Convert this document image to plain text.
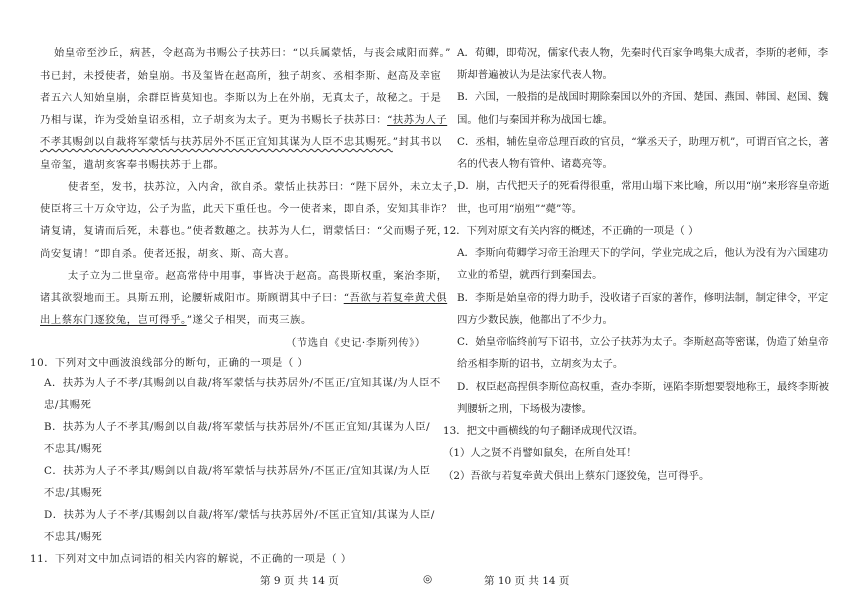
始皇帝至沙丘，病甚，令赵高为书赐公子扶苏曰：“以兵属蒙恬，与丧会咸阳而葬。”
书已封，未授使者，始皇崩。书及玺皆在赵高所，独子胡亥、丞相李斯、赵高及幸宦
者五六人知始皇崩，余群臣皆莫知也。李斯以为上在外崩，无真太子，故秘之。于是
乃相与谋，诈为受始皇诏丞相，立子胡亥为太子。更为书赐长子扶苏曰：“扶苏为人子
不孝其赐剑以自裁将军蒙恬与扶苏居外不匡正宜知其谋为人臣不忠其赐死。”封其书以
皇帝玺，遣胡亥客奉书赐扶苏于上郡。
使者至，发书，扶苏泣，入内舍，欲自杀。蒙恬止扶苏曰：“陛下居外，未立太子，
使臣将三十万众守边，公子为监，此天下重任也。今一使者来，即自杀，安知其非诈？
请复请，复请而后死，未暮也。”使者数趣之。扶苏为人仁，谓蒙恬曰：“父而赐子死，
尚安复请！”即自杀。使者还报，胡亥、斯、高大喜。
太子立为二世皇帝。赵高常侍中用事，事皆决于赵高。高畏斯权重，案治李斯，
诸其欲裂地而王。具斯五刑，论腰斩咸阳市。斯顾谓其中子曰：“吾欲与若复牵黄犬俱
出上蔡东门逐狡兔，岂可得乎。”遂父子相哭，而夷三族。
（节选自《史记·李斯列传》）
10．下列对文中画波浪线部分的断句，正确的一项是（ ）
A．扶苏为人子不孝/其赐剑以自裁/将军蒙恬与扶苏居外/不匡正/宜知其谋/为人臣不
忠/其赐死
B．扶苏为人子不孝其/赐剑以自裁/将军蒙恬与扶苏居外/不匡正宜知/其谋为人臣/
不忠其/赐死
C．扶苏为人子不孝其/赐剑以自裁/将军蒙恬与扶苏居外/不匡正/宜知其谋/为人臣
不忠/其赐死
D．扶苏为人子不孝/其赐剑以自裁/将军/蒙恬与扶苏居外/不匡正宜知/其谋为人臣/
不忠其/赐死
11．下列对文中加点词语的相关内容的解说，不正确的一项是（ ）
A．荀卿，即荀况，儒家代表人物，先秦时代百家争鸣集大成者，李斯的老师，李
斯却普遍被认为是法家代表人物。
B．六国，一般指的是战国时期除秦国以外的齐国、楚国、燕国、韩国、赵国、魏
国。他们与秦国并称为战国七雄。
C．丞相，辅佐皇帝总理百政的官员，“掌丞天子，助理万机”，可谓百官之长，著
名的代表人物有管仲、诸葛亮等。
D．崩，古代把天子的死看得很重，常用山塌下来比喻，所以用“崩”来形容皇帝逝
世，也可用“崩殂”“薨”等。
12．下列对原文有关内容的概述，不正确的一项是（ ）
A．李斯向荀卿学习帝王治理天下的学问，学业完成之后，他认为没有为六国建功
立业的希望，就西行到秦国去。
B．李斯是始皇帝的得力助手，没收诸子百家的著作，修明法制，制定律令，平定
四方少数民族，他都出了不少力。
C．始皇帝临终前写下诏书，立公子扶苏为太子。李斯赵高等密谋，伪造了始皇帝
给丞相李斯的诏书，立胡亥为太子。
D．权臣赵高捏俱李斯位高权重，查办李斯，诬陷李斯想要裂地称王，最终李斯被
判腰斩之刑，下场极为凄惨。
13．把文中画横线的句子翻译成现代汉语。
（1）人之贤不肖譬如鼠矣，在所自处耳！
（2）吾欲与若复牵黄犬俱出上蔡东门逐狡兔，岂可得乎。
第 9 页 共 14 页	◎	第 10 页 共 14 页
